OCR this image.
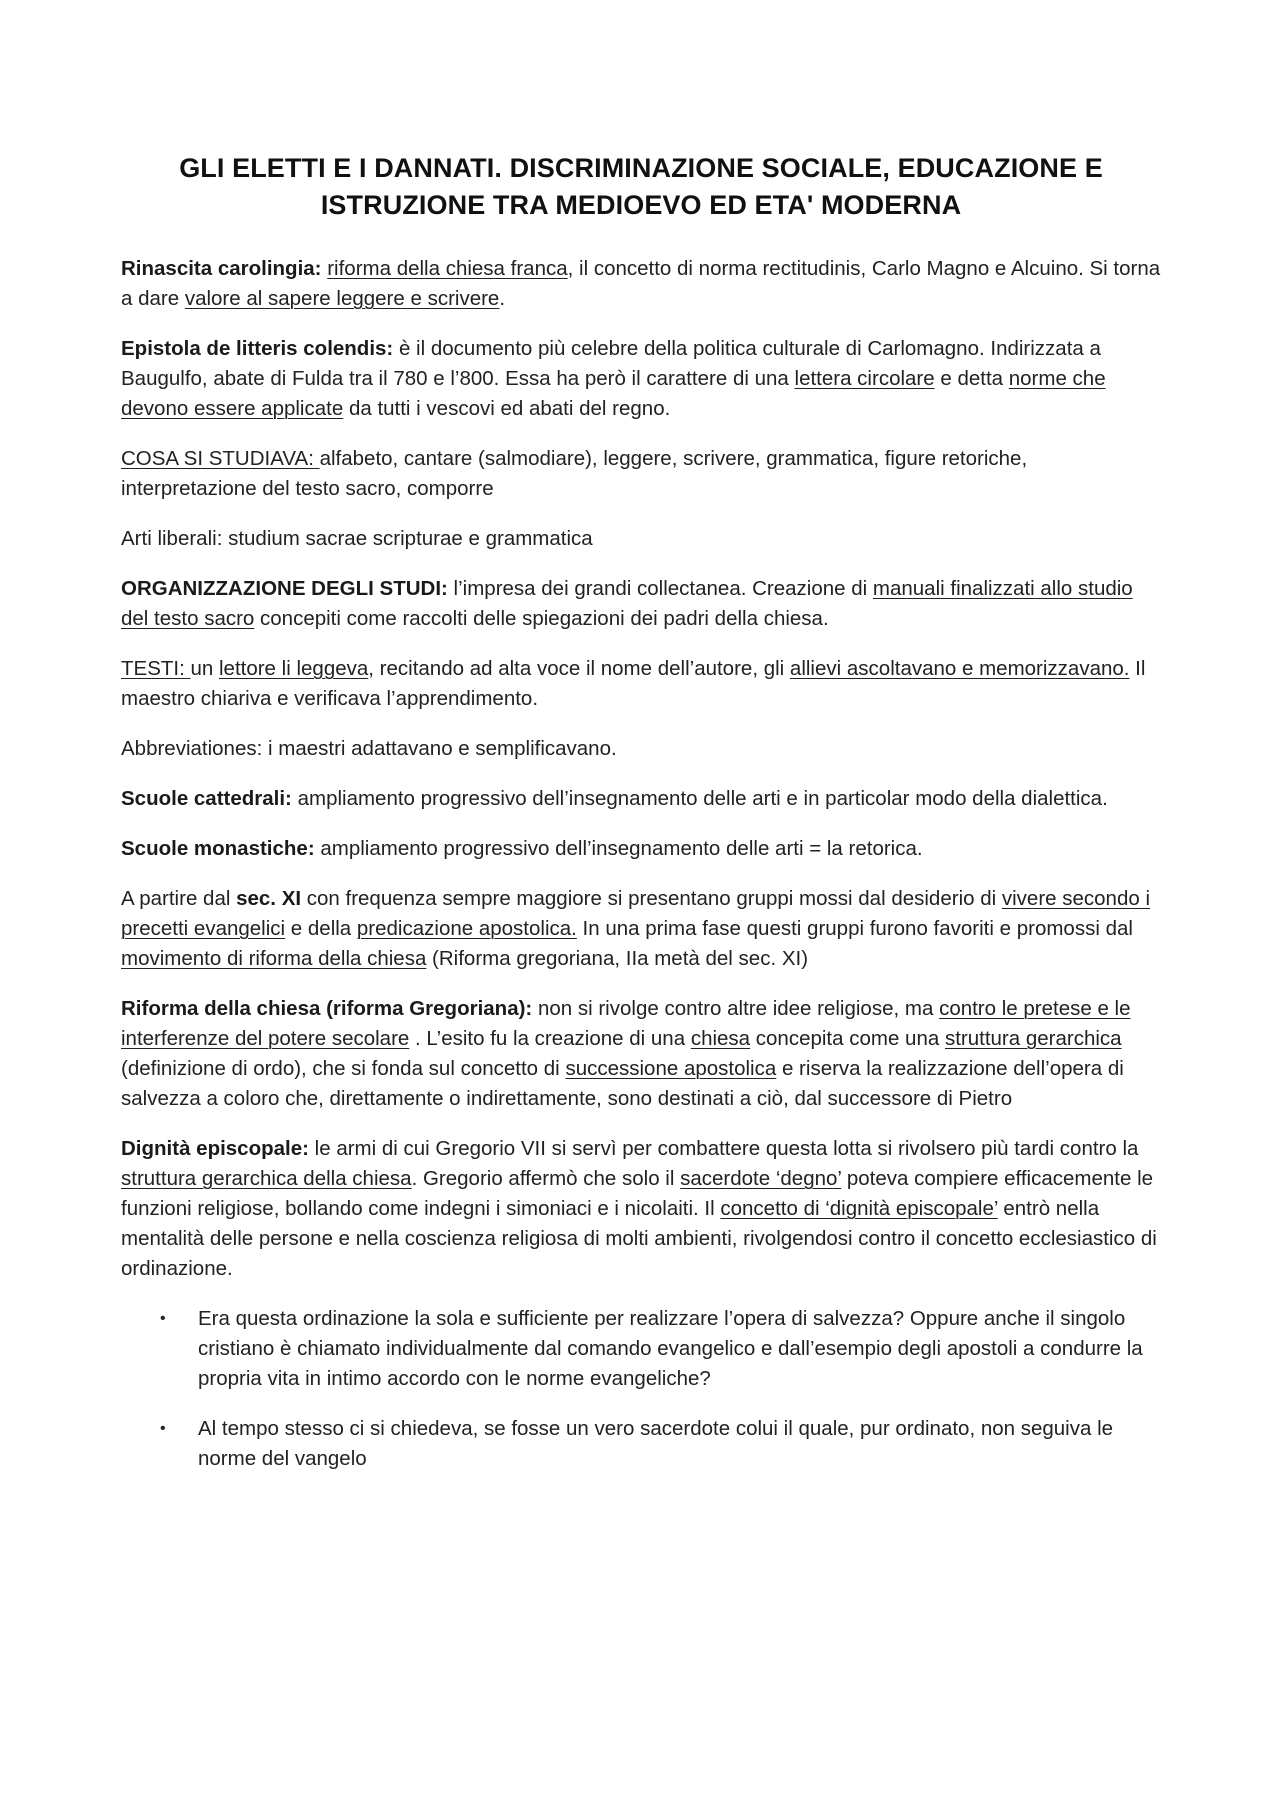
GLI ELETTI E I DANNATI. DISCRIMINAZIONE SOCIALE, EDUCAZIONE E
ISTRUZIONE TRA MEDIOEVO ED ETA' MODERNA

Rinascita carolingia: riforma della chiesa franca, il concetto di norma rectitudinis, Carlo Magno e Alcuino. Si torna a dare valore al sapere leggere e scrivere.

Epistola de litteris colendis: è il documento più celebre della politica culturale di Carlomagno. Indirizzata a Baugulfo, abate di Fulda tra il 780 e l’800. Essa ha però il carattere di una lettera circolare e detta norme che devono essere applicate da tutti i vescovi ed abati del regno.

COSA SI STUDIAVA: alfabeto, cantare (salmodiare), leggere, scrivere, grammatica, figure retoriche, interpretazione del testo sacro, comporre

Arti liberali: studium sacrae scripturae e grammatica

ORGANIZZAZIONE DEGLI STUDI: l’impresa dei grandi collectanea. Creazione di manuali finalizzati allo studio del testo sacro concepiti come raccolti delle spiegazioni dei padri della chiesa.

TESTI: un lettore li leggeva, recitando ad alta voce il nome dell’autore, gli allievi ascoltavano e memorizzavano. Il maestro chiariva e verificava l’apprendimento.

Abbreviationes: i maestri adattavano e semplificavano.

Scuole cattedrali: ampliamento progressivo dell’insegnamento delle arti e in particolar modo della dialettica.

Scuole monastiche: ampliamento progressivo dell’insegnamento delle arti = la retorica.

A partire dal sec. XI con frequenza sempre maggiore si presentano gruppi mossi dal desiderio di vivere secondo i precetti evangelici e della predicazione apostolica. In una prima fase questi gruppi furono favoriti e promossi dal movimento di riforma della chiesa (Riforma gregoriana, IIa metà del sec. XI)

Riforma della chiesa (riforma Gregoriana): non si rivolge contro altre idee religiose, ma contro le pretese e le interferenze del potere secolare . L’esito fu la creazione di una chiesa concepita come una struttura gerarchica (definizione di ordo), che si fonda sul concetto di successione apostolica e riserva la realizzazione dell’opera di salvezza a coloro che, direttamente o indirettamente, sono destinati a ciò, dal successore di Pietro

Dignità episcopale: le armi di cui Gregorio VII si servì per combattere questa lotta si rivolsero più tardi contro la struttura gerarchica della chiesa. Gregorio affermò che solo il sacerdote ‘degno’ poteva compiere efficacemente le funzioni religiose, bollando come indegni i simoniaci e i nicolaiti. Il concetto di ‘dignità episcopale’ entrò nella mentalità delle persone e nella coscienza religiosa di molti ambienti, rivolgendosi contro il concetto ecclesiastico di ordinazione.

• Era questa ordinazione la sola e sufficiente per realizzare l’opera di salvezza? Oppure anche il singolo cristiano è chiamato individualmente dal comando evangelico e dall’esempio degli apostoli a condurre la propria vita in intimo accordo con le norme evangeliche?
• Al tempo stesso ci si chiedeva, se fosse un vero sacerdote colui il quale, pur ordinato, non seguiva le norme del vangelo
